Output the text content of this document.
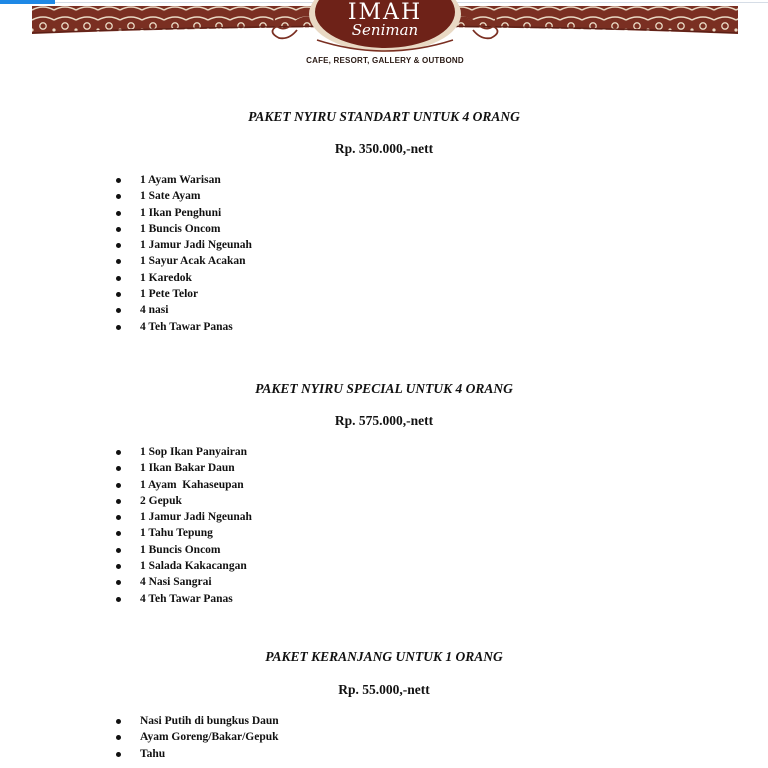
IMAH
Seniman
CAFE, RESORT, GALLERY & OUTBOND
PAKET NYIRU STANDART UNTUK 4 ORANG
Rp. 350.000,-nett
1 Ayam Warisan
1 Sate Ayam
1 Ikan Penghuni
1 Buncis Oncom
1 Jamur Jadi Ngeunah
1 Sayur Acak Acakan
1 Karedok
1 Pete Telor
4 nasi
4 Teh Tawar Panas
PAKET NYIRU SPECIAL UNTUK 4 ORANG
Rp. 575.000,-nett
1 Sop Ikan Panyairan
1 Ikan Bakar Daun
1 Ayam  Kahaseupan
2 Gepuk
1 Jamur Jadi Ngeunah
1 Tahu Tepung
1 Buncis Oncom
1 Salada Kakacangan
4 Nasi Sangrai
4 Teh Tawar Panas
PAKET KERANJANG UNTUK 1 ORANG
Rp. 55.000,-nett
Nasi Putih di bungkus Daun
Ayam Goreng/Bakar/Gepuk
Tahu
